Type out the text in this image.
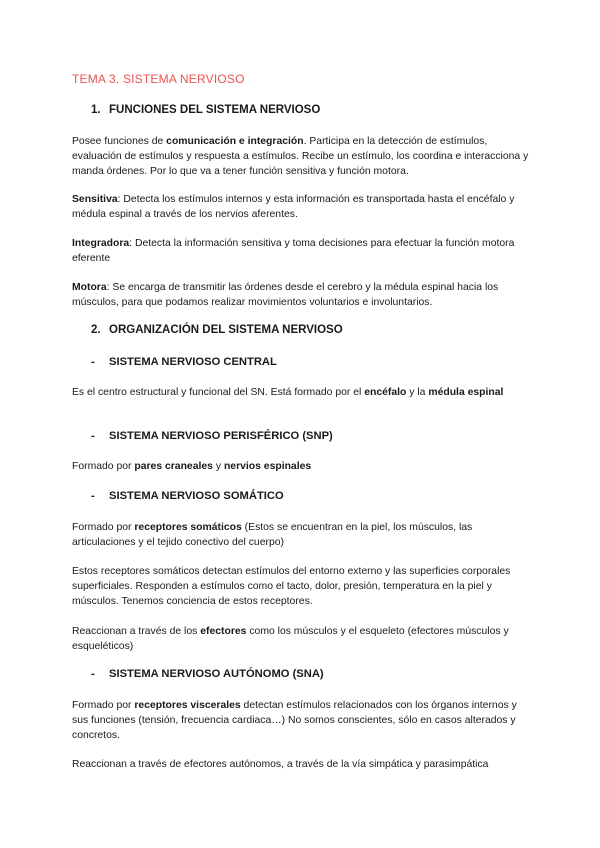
TEMA 3. SISTEMA NERVIOSO
1. FUNCIONES DEL SISTEMA NERVIOSO

Posee funciones de comunicación e integración. Participa en la detección de estímulos, evaluación de estímulos y respuesta a estímulos. Recibe un estímulo, los coordina e interacciona y manda órdenes. Por lo que va a tener función sensitiva y función motora.

Sensitiva: Detecta los estímulos internos y esta información es transportada hasta el encéfalo y médula espinal a través de los nervios aferentes.

Integradora: Detecta la información sensitiva y toma decisiones para efectuar la función motora eferente

Motora: Se encarga de transmitir las órdenes desde el cerebro y la médula espinal hacia los músculos, para que podamos realizar movimientos voluntarios e involuntarios.

2. ORGANIZACIÓN DEL SISTEMA NERVIOSO
- SISTEMA NERVIOSO CENTRAL

Es el centro estructural y funcional del SN. Está formado por el encéfalo y la médula espinal

- SISTEMA NERVIOSO PERISFÉRICO (SNP)

Formado por pares craneales y nervios espinales

- SISTEMA NERVIOSO SOMÁTICO

Formado por receptores somáticos (Estos se encuentran en la piel, los músculos, las articulaciones y el tejido conectivo del cuerpo)

Estos receptores somáticos detectan estímulos del entorno externo y las superficies corporales superficiales. Responden a estímulos como el tacto, dolor, presión, temperatura en la piel y músculos. Tenemos conciencia de estos receptores.

Reaccionan a través de los efectores como los músculos y el esqueleto (efectores músculos y esqueléticos)

- SISTEMA NERVIOSO AUTÓNOMO (SNA)

Formado por receptores viscerales detectan estímulos relacionados con los órganos internos y sus funciones (tensión, frecuencia cardiaca…) No somos conscientes, sólo en casos alterados y concretos.

Reaccionan a través de efectores autónomos, a través de la vía simpática y parasimpática
